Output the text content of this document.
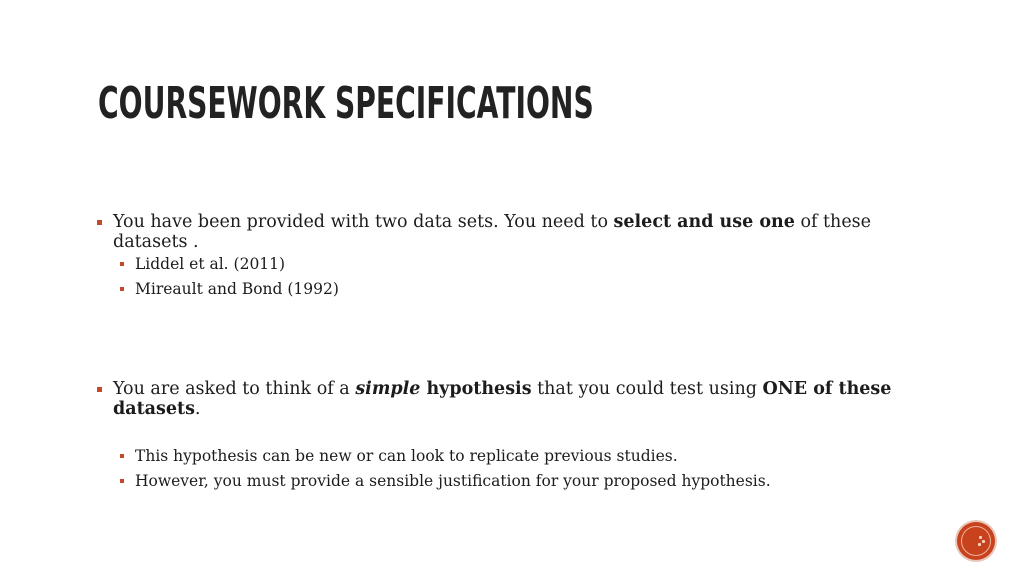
COURSEWORK SPECIFICATIONS
You have been provided with two data sets. You need to select and use one of these datasets .
Liddel et al. (2011)
Mireault and Bond (1992)
You are asked to think of a simple hypothesis that you could test using ONE of these datasets.
This hypothesis can be new or can look to replicate previous studies.
However, you must provide a sensible justification for your proposed hypothesis.
